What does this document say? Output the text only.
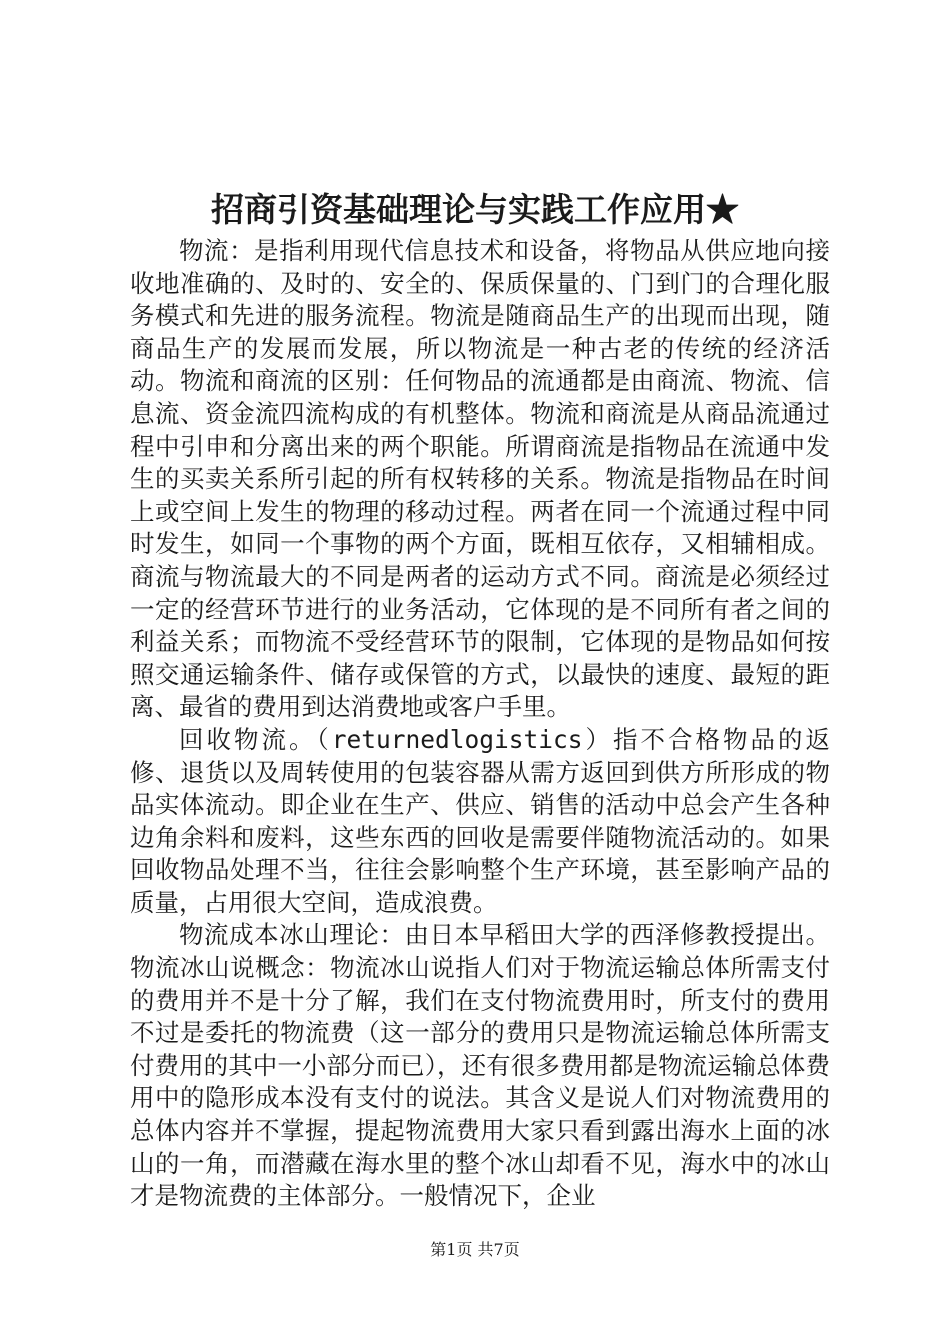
招商引资基础理论与实践工作应用★

物流：是指利用现代信息技术和设备，将物品从供应地向接收地准确的、及时的、安全的、保质保量的、门到门的合理化服务模式和先进的服务流程。物流是随商品生产的出现而出现，随商品生产的发展而发展，所以物流是一种古老的传统的经济活动。物流和商流的区别：任何物品的流通都是由商流、物流、信息流、资金流四流构成的有机整体。物流和商流是从商品流通过程中引申和分离出来的两个职能。所谓商流是指物品在流通中发生的买卖关系所引起的所有权转移的关系。物流是指物品在时间上或空间上发生的物理的移动过程。两者在同一个流通过程中同时发生，如同一个事物的两个方面，既相互依存，又相辅相成。商流与物流最大的不同是两者的运动方式不同。商流是必须经过一定的经营环节进行的业务活动，它体现的是不同所有者之间的利益关系；而物流不受经营环节的限制，它体现的是物品如何按照交通运输条件、储存或保管的方式，以最快的速度、最短的距离、最省的费用到达消费地或客户手里。

回收物流。（returnedlogistics）指不合格物品的返修、退货以及周转使用的包装容器从需方返回到供方所形成的物品实体流动。即企业在生产、供应、销售的活动中总会产生各种边角余料和废料，这些东西的回收是需要伴随物流活动的。如果回收物品处理不当，往往会影响整个生产环境，甚至影响产品的质量，占用很大空间，造成浪费。

物流成本冰山理论：由日本早稻田大学的西泽修教授提出。物流冰山说概念：物流冰山说指人们对于物流运输总体所需支付的费用并不是十分了解，我们在支付物流费用时，所支付的费用不过是委托的物流费（这一部分的费用只是物流运输总体所需支付费用的其中一小部分而已），还有很多费用都是物流运输总体费用中的隐形成本没有支付的说法。其含义是说人们对物流费用的总体内容并不掌握，提起物流费用大家只看到露出海水上面的冰山的一角，而潜藏在海水里的整个冰山却看不见，海水中的冰山才是物流费的主体部分。一般情况下，企业

第1页 共7页
